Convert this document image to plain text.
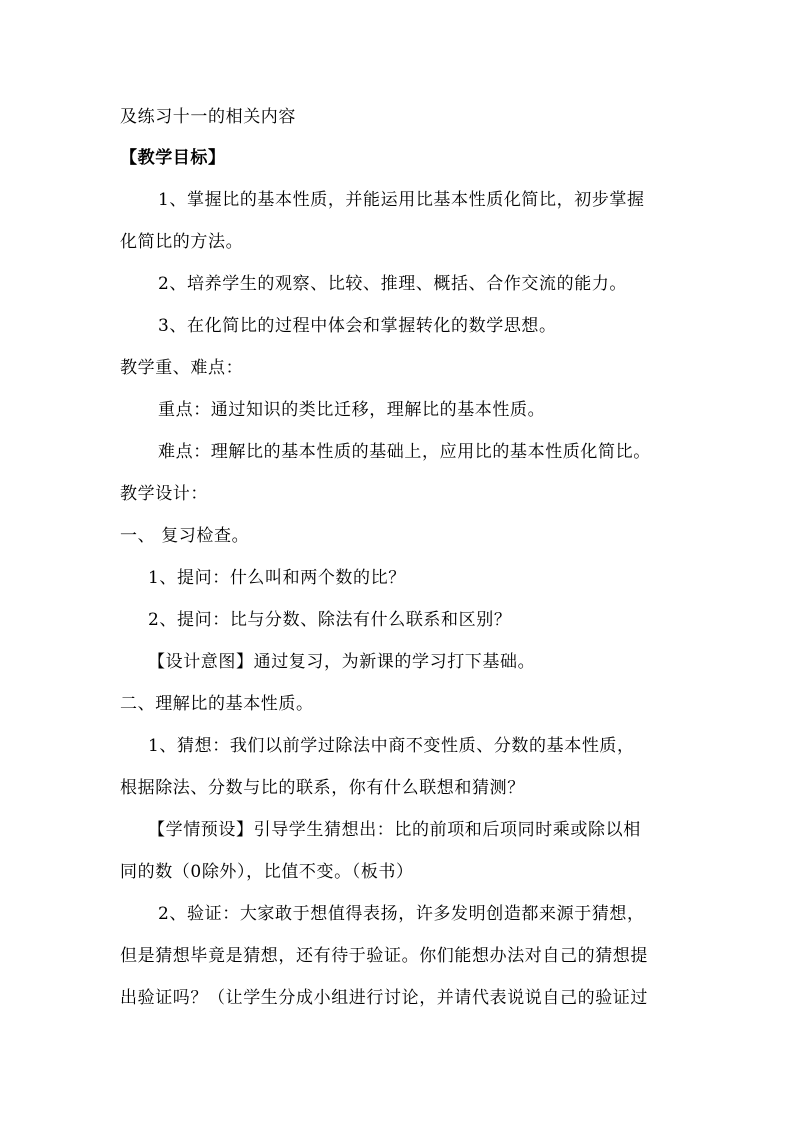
及练习十一的相关内容
【教学目标】
1、掌握比的基本性质，并能运用比基本性质化简比，初步掌握
化简比的方法。
2、培养学生的观察、比较、推理、概括、合作交流的能力。
3、在化简比的过程中体会和掌握转化的数学思想。
教学重、难点：
重点：通过知识的类比迁移，理解比的基本性质。
难点：理解比的基本性质的基础上，应用比的基本性质化简比。
教学设计：
一、 复习检查。
1、提问：什么叫和两个数的比？
2、提问：比与分数、除法有什么联系和区别？
【设计意图】通过复习，为新课的学习打下基础。
二、理解比的基本性质。
1、猜想：我们以前学过除法中商不变性质、分数的基本性质，
根据除法、分数与比的联系，你有什么联想和猜测？
【学情预设】引导学生猜想出：比的前项和后项同时乘或除以相
同的数（0除外），比值不变。（板书）
2、验证：大家敢于想值得表扬，许多发明创造都来源于猜想，
但是猜想毕竟是猜想，还有待于验证。你们能想办法对自己的猜想提
出验证吗？（让学生分成小组进行讨论，并请代表说说自己的验证过
